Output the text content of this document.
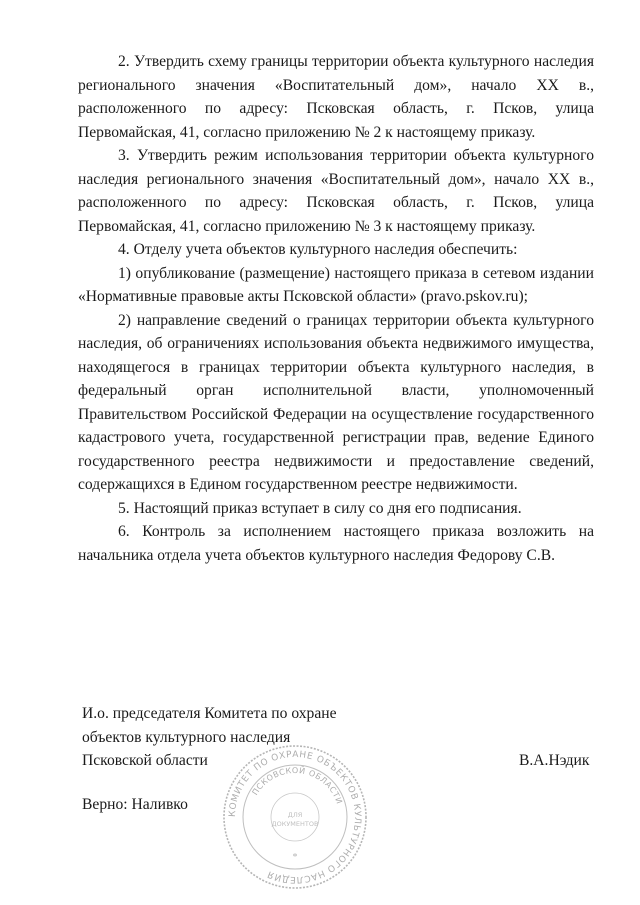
2. Утвердить схему границы территории объекта культурного наследия регионального значения «Воспитательный дом», начало XX в., расположенного по адресу: Псковская область, г. Псков, улица Первомайская, 41, согласно приложению № 2 к настоящему приказу.

3. Утвердить режим использования территории объекта культурного наследия регионального значения «Воспитательный дом», начало XX в., расположенного по адресу: Псковская область, г. Псков, улица Первомайская, 41, согласно приложению № 3 к настоящему приказу.

4. Отделу учета объектов культурного наследия обеспечить:

1) опубликование (размещение) настоящего приказа в сетевом издании «Нормативные правовые акты Псковской области» (pravo.pskov.ru);

2) направление сведений о границах территории объекта культурного наследия, об ограничениях использования объекта недвижимого имущества, находящегося в границах территории объекта культурного наследия, в федеральный орган исполнительной власти, уполномоченный Правительством Российской Федерации на осуществление государственного кадастрового учета, государственной регистрации прав, ведение Единого государственного реестра недвижимости и предоставление сведений, содержащихся в Едином государственном реестре недвижимости.

5. Настоящий приказ вступает в силу со дня его подписания.

6. Контроль за исполнением настоящего приказа возложить на начальника отдела учета объектов культурного наследия Федорову С.В.

И.о. председателя Комитета по охране
объектов культурного наследия
Псковской области	В.А.Нэдик
Верно: Наливко
КОМИТЕТ ПО ОХРАНЕ ОБЪЕКТОВ КУЛЬТУРНОГО НАСЛЕДИЯ
ПСКОВСКОЙ ОБЛАСТИ
ДЛЯ
ДОКУМЕНТОВ
*
